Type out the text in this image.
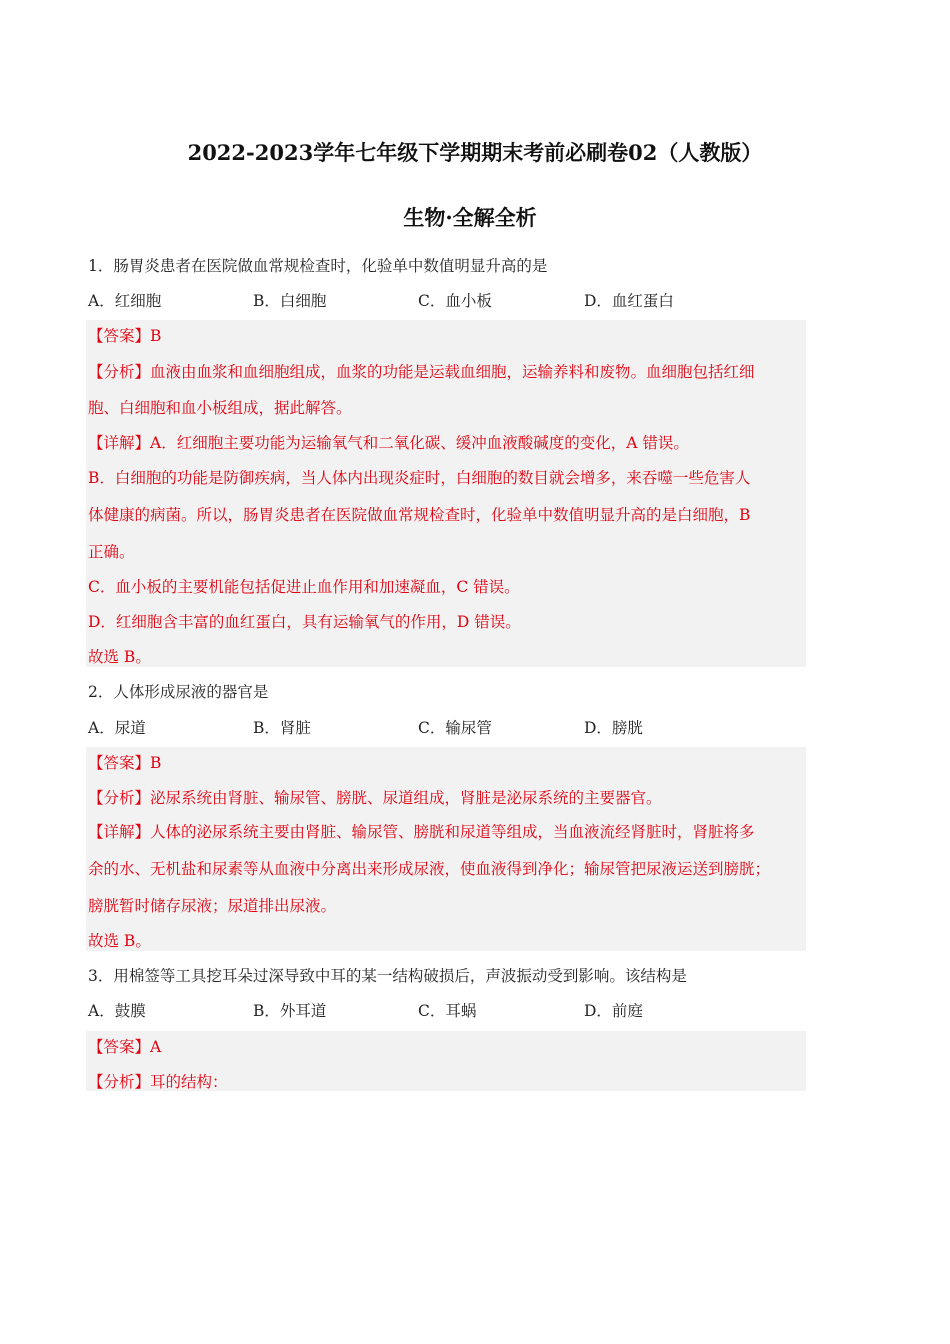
2022-2023学年七年级下学期期末考前必刷卷02（人教版）
生物·全解全析
1．肠胃炎患者在医院做血常规检查时，化验单中数值明显升高的是
A．红细胞	B．白细胞	C．血小板	D．血红蛋白
【答案】B
【分析】血液由血浆和血细胞组成，血浆的功能是运载血细胞，运输养料和废物。血细胞包括红细
胞、白细胞和血小板组成，据此解答。
【详解】A．红细胞主要功能为运输氧气和二氧化碳、缓冲血液酸碱度的变化，A 错误。
B．白细胞的功能是防御疾病，当人体内出现炎症时，白细胞的数目就会增多，来吞噬一些危害人
体健康的病菌。所以，肠胃炎患者在医院做血常规检查时，化验单中数值明显升高的是白细胞，B
正确。
C．血小板的主要机能包括促进止血作用和加速凝血，C 错误。
D．红细胞含丰富的血红蛋白，具有运输氧气的作用，D 错误。
故选 B。
2．人体形成尿液的器官是
A．尿道	B．肾脏	C．输尿管	D．膀胱
【答案】B
【分析】泌尿系统由肾脏、输尿管、膀胱、尿道组成，肾脏是泌尿系统的主要器官。
【详解】人体的泌尿系统主要由肾脏、输尿管、膀胱和尿道等组成，当血液流经肾脏时，肾脏将多
余的水、无机盐和尿素等从血液中分离出来形成尿液，使血液得到净化；输尿管把尿液运送到膀胱；
膀胱暂时储存尿液；尿道排出尿液。
故选 B。
3．用棉签等工具挖耳朵过深导致中耳的某一结构破损后，声波振动受到影响。该结构是
A．鼓膜	B．外耳道	C．耳蜗	D．前庭
【答案】A
【分析】耳的结构：
